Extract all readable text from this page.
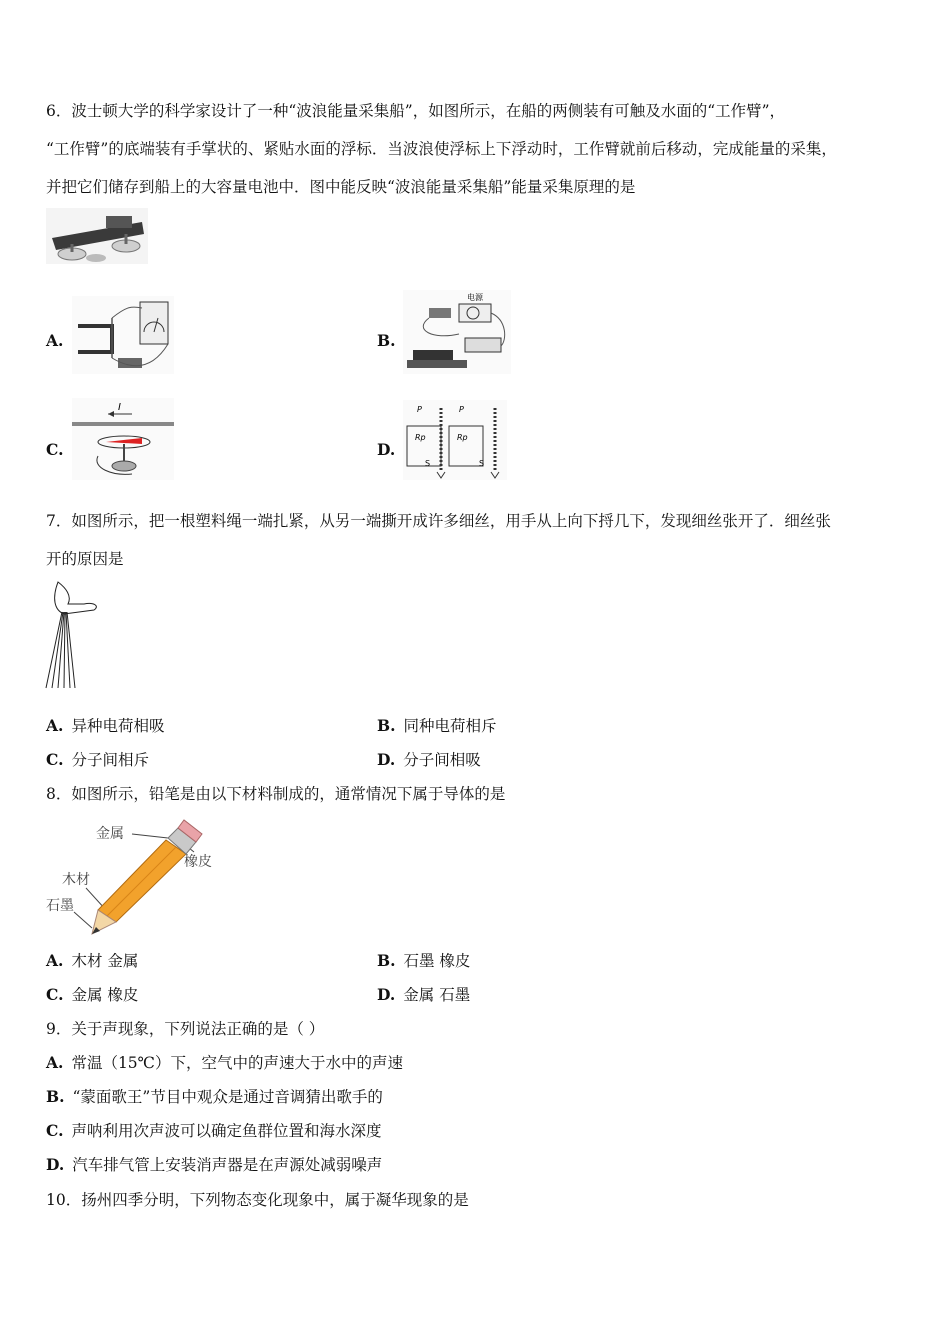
6．波士顿大学的科学家设计了一种“波浪能量采集船”，如图所示，在船的两侧装有可触及水面的“工作臂”，
“工作臂”的底端装有手掌状的、紧贴水面的浮标．当波浪使浮标上下浮动时，工作臂就前后移动，完成能量的采集，
并把它们储存到船上的大容量电池中．图中能反映“波浪能量采集船”能量采集原理的是
A.	B.
电源
C.
I
D.
P	P
Rp	Rp
S	S
7．如图所示，把一根塑料绳一端扎紧，从另一端撕开成许多细丝，用手从上向下捋几下，发现细丝张开了．细丝张
开的原因是
A. 异种电荷相吸	B. 同种电荷相斥
C. 分子间相斥	D. 分子间相吸
8．如图所示，铅笔是由以下材料制成的，通常情况下属于导体的是
金属
橡皮
木材
石墨
A. 木材 金属	B. 石墨 橡皮
C. 金属 橡皮	D. 金属 石墨
9．关于声现象，下列说法正确的是（ ）
A. 常温（15℃）下，空气中的声速大于水中的声速
B. “蒙面歌王”节目中观众是通过音调猜出歌手的
C. 声呐利用次声波可以确定鱼群位置和海水深度
D. 汽车排气管上安装消声器是在声源处减弱噪声
10．扬州四季分明，下列物态变化现象中，属于凝华现象的是
